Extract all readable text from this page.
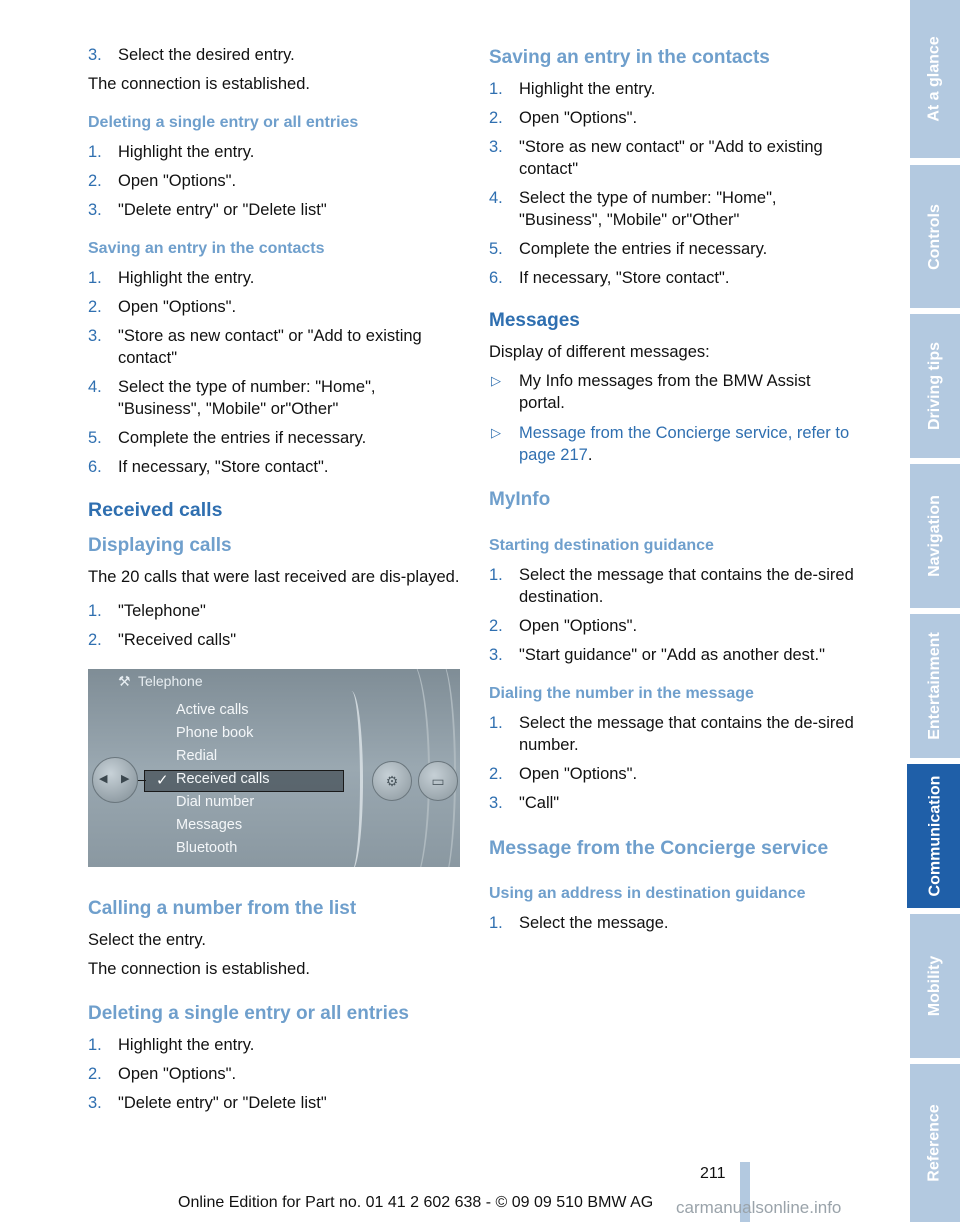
3. Select the desired entry.

The connection is established.

Deleting a single entry or all entries
1. Highlight the entry.
2. Open "Options".
3. "Delete entry" or "Delete list"
Saving an entry in the contacts
1. Highlight the entry.
2. Open "Options".
3. "Store as new contact" or "Add to existing contact"
4. Select the type of number: "Home", "Business", "Mobile" or"Other"
5. Complete the entries if necessary.
6. If necessary, "Store contact".
Received calls
Displaying calls

The 20 calls that were last received are dis-played.

1. "Telephone"
2. "Received calls"
⚒ Telephone
✓
◀ ▶
Active calls
Phone book
Redial
Received calls
Dial number
Messages
Bluetooth
⚙	▭
Calling a number from the list

Select the entry.

The connection is established.

Deleting a single entry or all entries
1. Highlight the entry.
2. Open "Options".
3. "Delete entry" or "Delete list"
Saving an entry in the contacts
1. Highlight the entry.
2. Open "Options".
3. "Store as new contact" or "Add to existing contact"
4. Select the type of number: "Home", "Business", "Mobile" or"Other"
5. Complete the entries if necessary.
6. If necessary, "Store contact".
Messages

Display of different messages:

▷ My Info messages from the BMW Assist portal.
▷ Message from the Concierge service, refer to page 217.
MyInfo
Starting destination guidance
1. Select the message that contains the de-sired destination.
2. Open "Options".
3. "Start guidance" or "Add as another dest."
Dialing the number in the message
1. Select the message that contains the de-sired number.
2. Open "Options".
3. "Call"
Message from the Concierge service
Using an address in destination guidance
1. Select the message.
At a glance
Controls
Driving tips
Navigation
Entertainment
Communication
Mobility
Reference
211
Online Edition for Part no. 01 41 2 602 638 - © 09 09 510 BMW AG carmanualsonline.info
